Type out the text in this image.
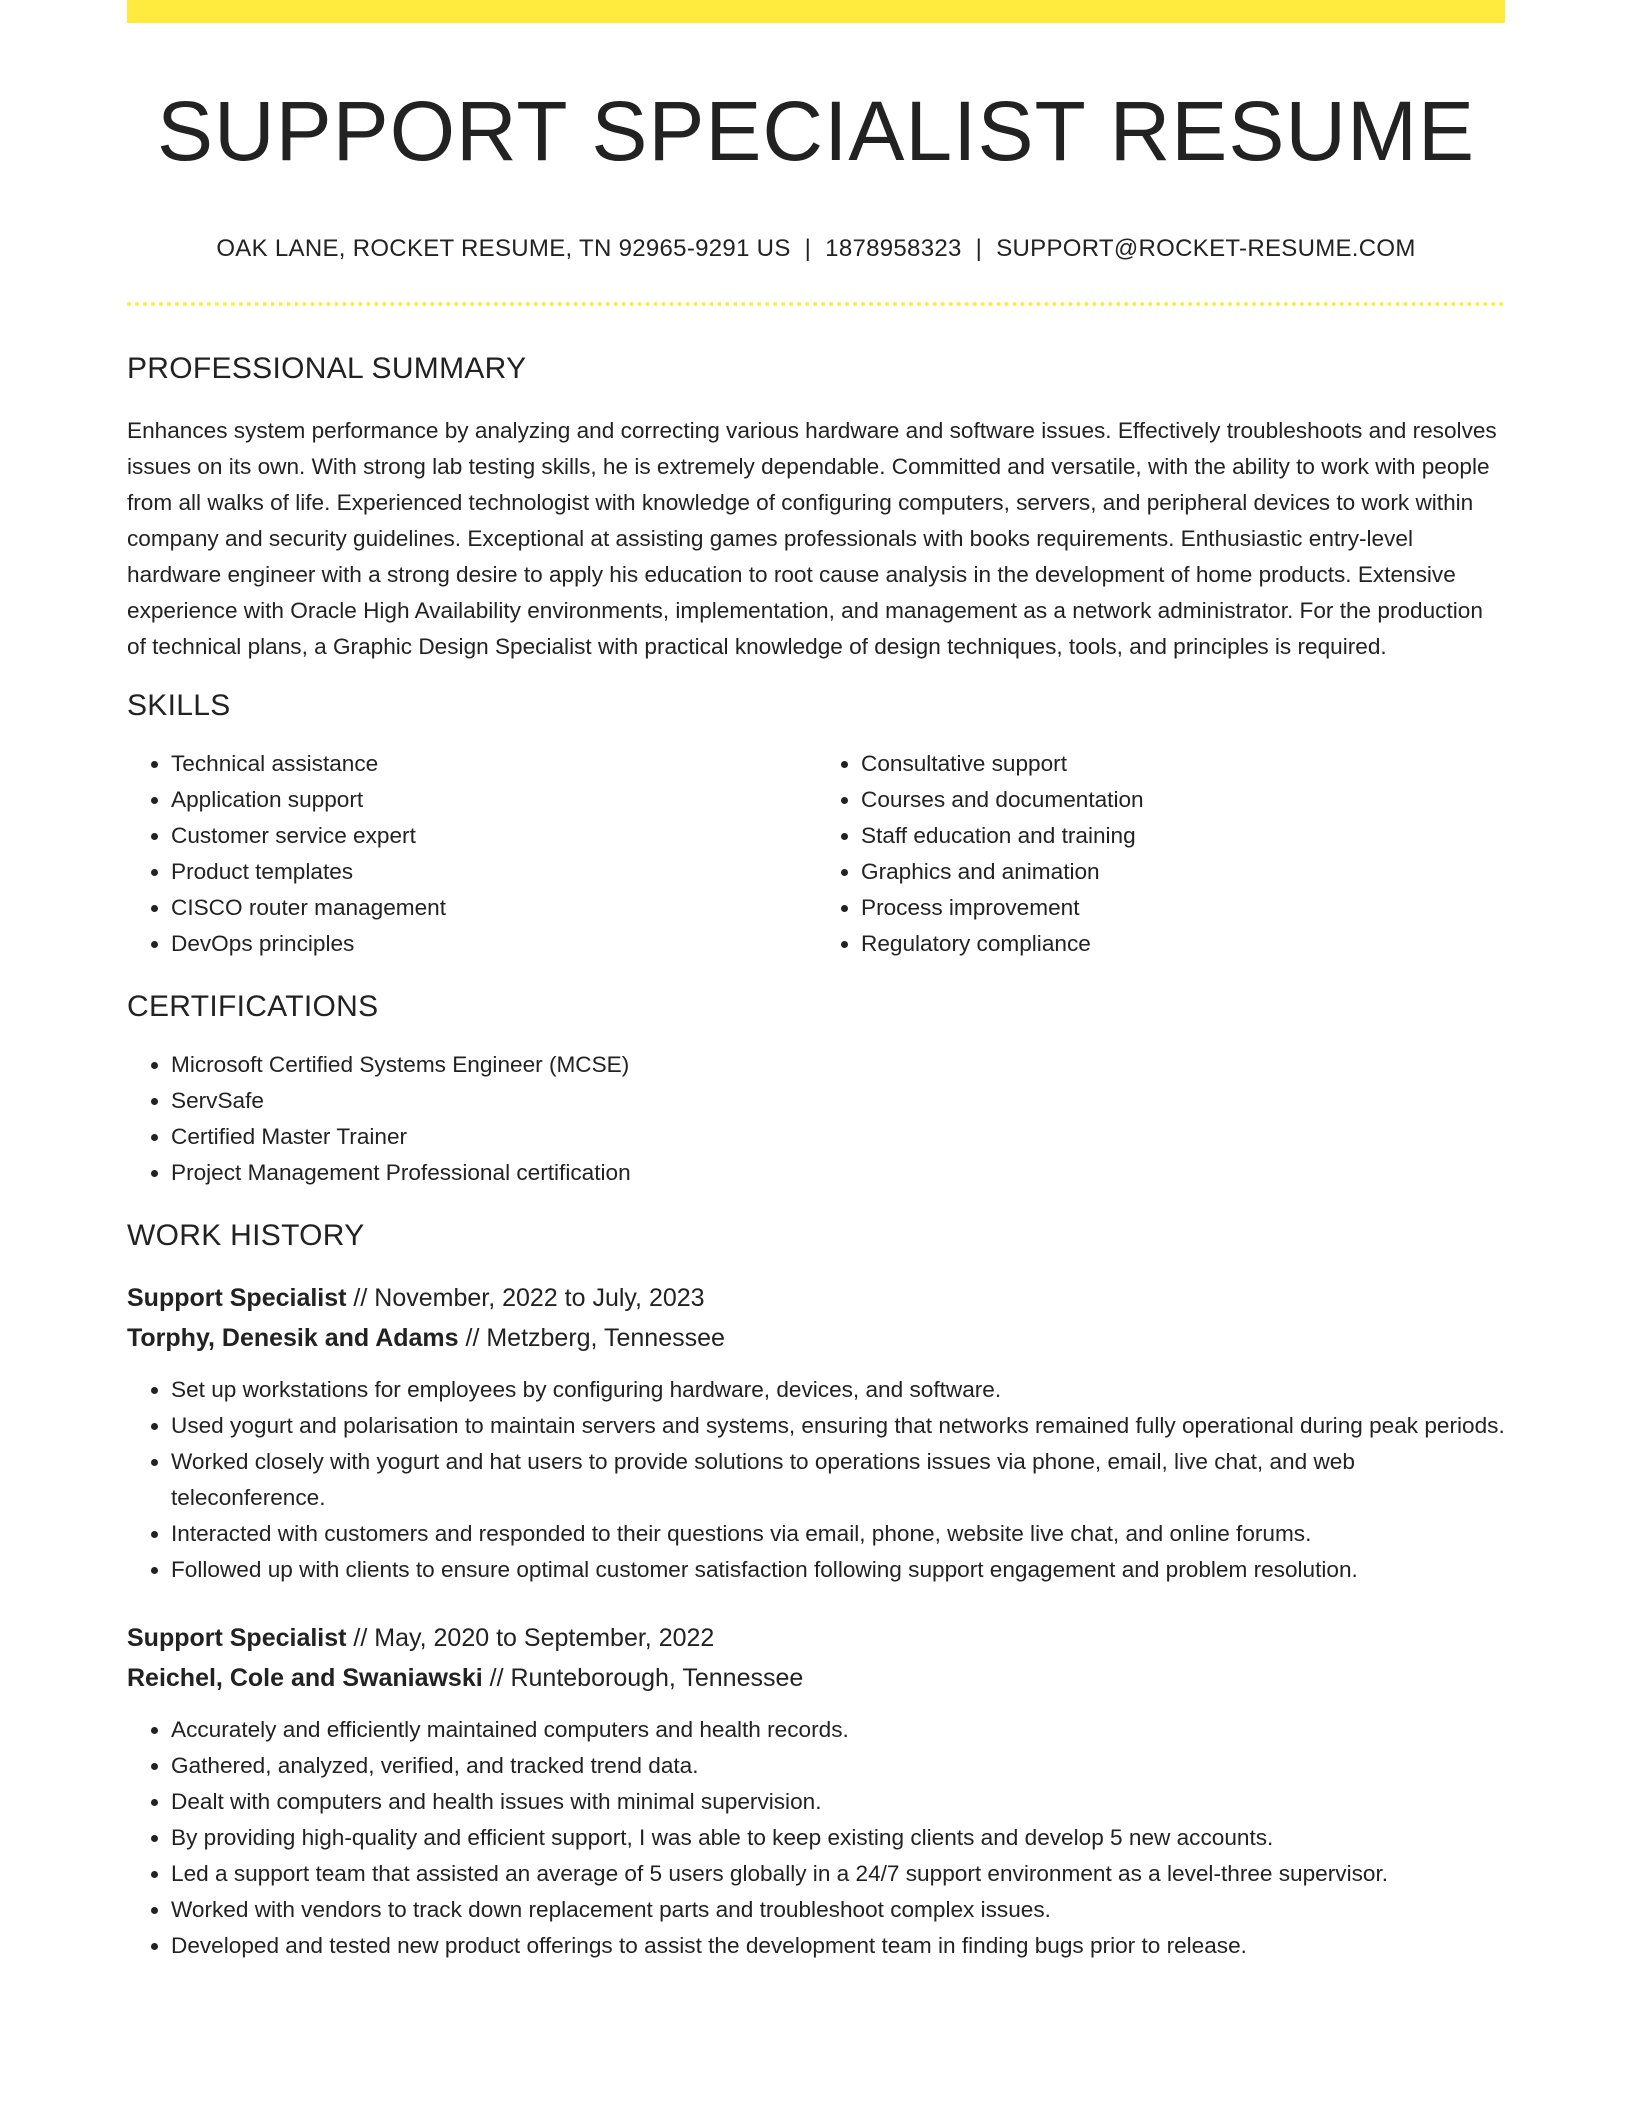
SUPPORT SPECIALIST RESUME
OAK LANE, ROCKET RESUME, TN 92965-9291 US | 1878958323 | SUPPORT@ROCKET-RESUME.COM
PROFESSIONAL SUMMARY

Enhances system performance by analyzing and correcting various hardware and software issues. Effectively troubleshoots and resolves issues on its own. With strong lab testing skills, he is extremely dependable. Committed and versatile, with the ability to work with people from all walks of life. Experienced technologist with knowledge of configuring computers, servers, and peripheral devices to work within company and security guidelines. Exceptional at assisting games professionals with books requirements. Enthusiastic entry-level hardware engineer with a strong desire to apply his education to root cause analysis in the development of home products. Extensive experience with Oracle High Availability environments, implementation, and management as a network administrator. For the production of technical plans, a Graphic Design Specialist with practical knowledge of design techniques, tools, and principles is required.

SKILLS
• Technical assistance
• Application support
• Customer service expert
• Product templates
• CISCO router management
• DevOps principles
• Consultative support
• Courses and documentation
• Staff education and training
• Graphics and animation
• Process improvement
• Regulatory compliance
CERTIFICATIONS
• Microsoft Certified Systems Engineer (MCSE)
• ServSafe
• Certified Master Trainer
• Project Management Professional certification
WORK HISTORY
Support Specialist // November, 2022 to July, 2023
Torphy, Denesik and Adams // Metzberg, Tennessee
• Set up workstations for employees by configuring hardware, devices, and software.
• Used yogurt and polarisation to maintain servers and systems, ensuring that networks remained fully operational during peak periods.
• Worked closely with yogurt and hat users to provide solutions to operations issues via phone, email, live chat, and web teleconference.
• Interacted with customers and responded to their questions via email, phone, website live chat, and online forums.
• Followed up with clients to ensure optimal customer satisfaction following support engagement and problem resolution.
Support Specialist // May, 2020 to September, 2022
Reichel, Cole and Swaniawski // Runteborough, Tennessee
• Accurately and efficiently maintained computers and health records.
• Gathered, analyzed, verified, and tracked trend data.
• Dealt with computers and health issues with minimal supervision.
• By providing high-quality and efficient support, I was able to keep existing clients and develop 5 new accounts.
• Led a support team that assisted an average of 5 users globally in a 24/7 support environment as a level-three supervisor.
• Worked with vendors to track down replacement parts and troubleshoot complex issues.
• Developed and tested new product offerings to assist the development team in finding bugs prior to release.
